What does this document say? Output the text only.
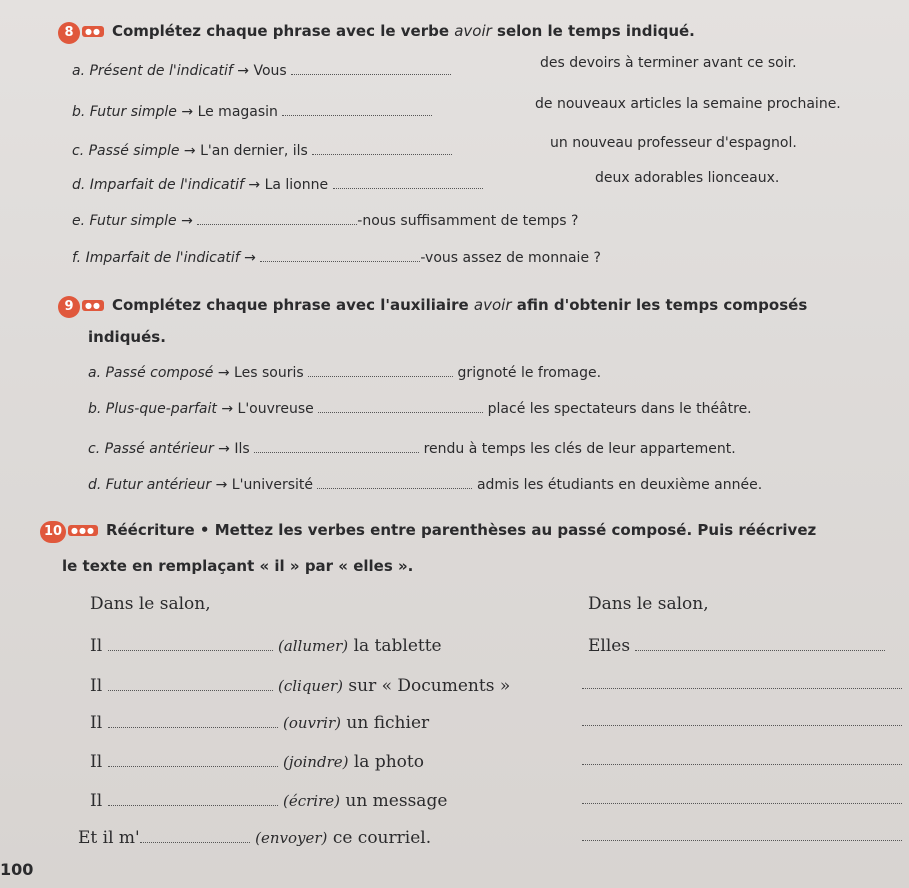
8 ●● Complétez chaque phrase avec le verbe avoir selon le temps indiqué.
a. Présent de l'indicatif → Vous	des devoirs à terminer avant ce soir.
b. Futur simple → Le magasin	de nouveaux articles la semaine prochaine.
c. Passé simple → L'an dernier, ils	un nouveau professeur d'espagnol.
d. Imparfait de l'indicatif → La lionne	deux adorables lionceaux.
e. Futur simple →	-nous suffisamment de temps ?
f. Imparfait de l'indicatif →	-vous assez de monnaie ?
9 ●● Complétez chaque phrase avec l'auxiliaire avoir afin d'obtenir les temps composés
indiqués.
a. Passé composé → Les souris	grignoté le fromage.
b. Plus-que-parfait → L'ouvreuse	placé les spectateurs dans le théâtre.
c. Passé antérieur → Ils	rendu à temps les clés de leur appartement.
d. Futur antérieur → L'université	admis les étudiants en deuxième année.
10 ●●● Réécriture • Mettez les verbes entre parenthèses au passé composé. Puis réécrivez
le texte en remplaçant « il » par « elles ».
Dans le salon,	Dans le salon,
Il	(allumer) la tablette	Elles
Il	(cliquer) sur « Documents »
Il	(ouvrir) un fichier
Il	(joindre) la photo
Il	(écrire) un message
Et il m'	(envoyer) ce courriel.
100
